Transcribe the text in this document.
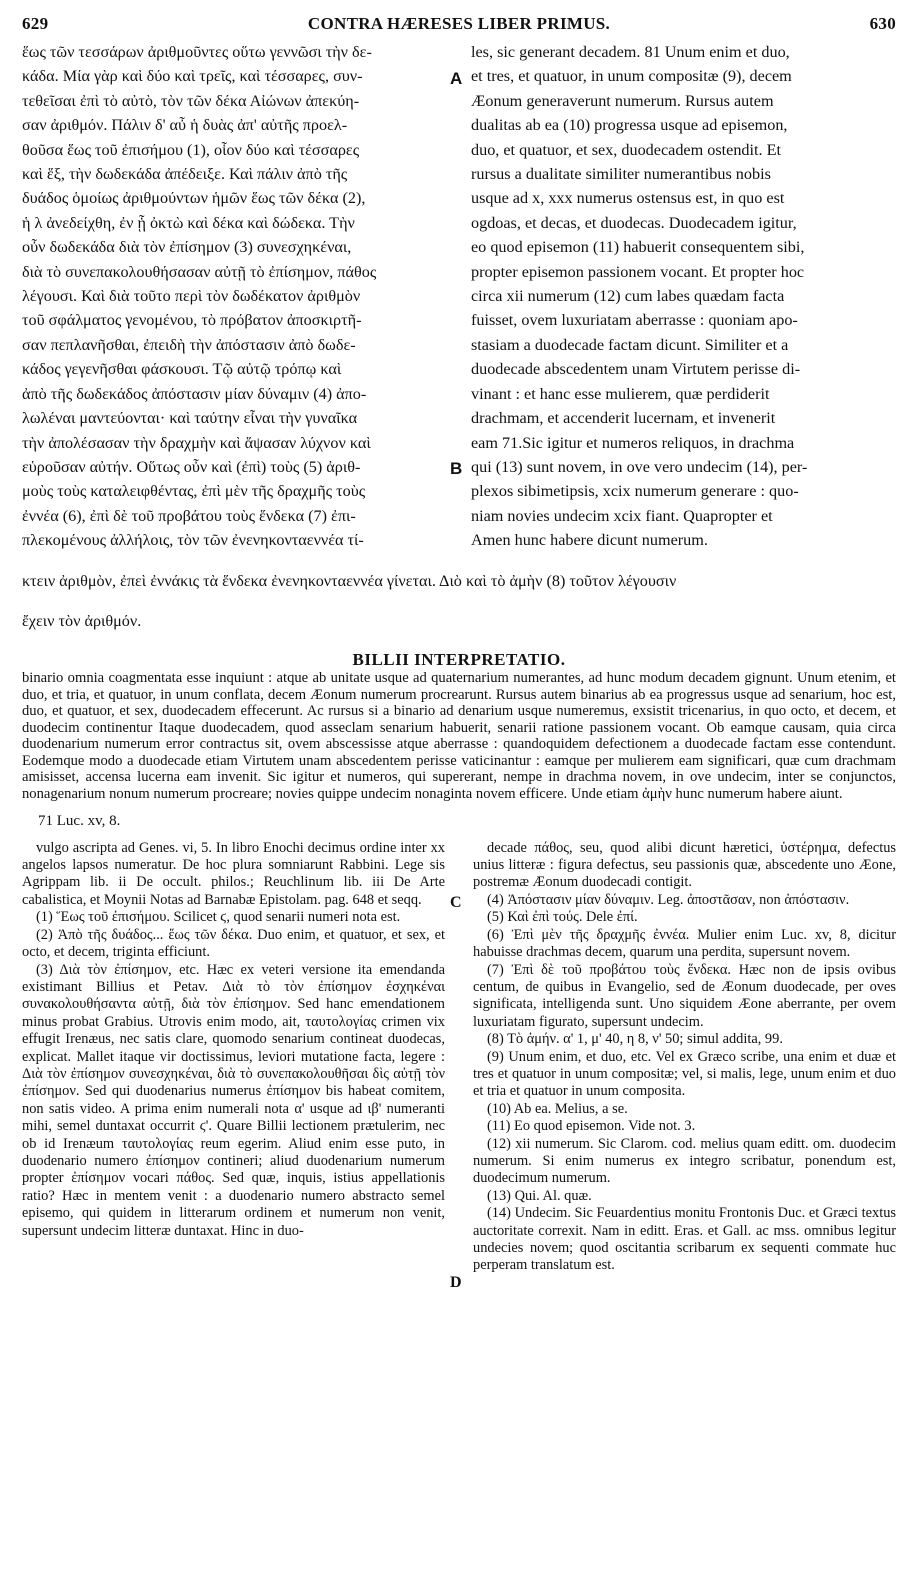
629	CONTRA HÆRESES LIBER PRIMUS.	630

ἕως τῶν τεσσάρων ἀριθμοῦντες οὕτω γεννῶσι τὴν δε-

κάδα. Μία γὰρ καὶ δύο καὶ τρεῖς, καὶ τέσσαρες, συν-

τεθεῖσαι ἐπὶ τὸ αὐτὸ, τὸν τῶν δέκα Αἰώνων ἀπεκύη-

σαν ἀριθμόν. Πάλιν δ' αὖ ἡ δυὰς ἀπ' αὐτῆς προελ-

θοῦσα ἕως τοῦ ἐπισήμου (1), οἷον δύο καὶ τέσσαρες

καὶ ἕξ, τὴν δωδεκάδα ἀπέδειξε. Καὶ πάλιν ἀπὸ τῆς

δυάδος ὁμοίως ἀριθμούντων ἡμῶν ἕως τῶν δέκα (2),

ἡ λ ἀνεδείχθη, ἐν ᾗ ὀκτὼ καὶ δέκα καὶ δώδεκα. Τὴν

οὖν δωδεκάδα διὰ τὸν ἐπίσημον (3) συνεσχηκέναι,

διὰ τὸ συνεπακολουθήσασαν αὐτῇ τὸ ἐπίσημον, πάθος

λέγουσι. Καὶ διὰ τοῦτο περὶ τὸν δωδέκατον ἀριθμὸν

τοῦ σφάλματος γενομένου, τὸ πρόβατον ἀποσκιρτῆ-

σαν πεπλανῆσθαι, ἐπειδὴ τὴν ἀπόστασιν ἀπὸ δωδε-

κάδος γεγενῆσθαι φάσκουσι. Τῷ αὐτῷ τρόπῳ καὶ

ἀπὸ τῆς δωδεκάδος ἀπόστασιν μίαν δύναμιν (4) ἀπο-

λωλέναι μαντεύονται· καὶ ταύτην εἶναι τὴν γυναῖκα

τὴν ἀπολέσασαν τὴν δραχμὴν καὶ ἅψασαν λύχνον καὶ

εὑροῦσαν αὐτήν. Οὕτως οὖν καὶ (ἐπὶ) τοὺς (5) ἀριθ-

μοὺς τοὺς καταλειφθέντας, ἐπὶ μὲν τῆς δραχμῆς τοὺς

ἐννέα (6), ἐπὶ δὲ τοῦ προβάτου τοὺς ἕνδεκα (7) ἐπι-

πλεκομένους ἀλλήλοις, τὸν τῶν ἐνενηκονταεννέα τί-

les, sic generant decadem. 81 Unum enim et duo,

et tres, et quatuor, in unum compositæ (9), decem

Æonum generaverunt numerum. Rursus autem

dualitas ab ea (10) progressa usque ad episemon,

duo, et quatuor, et sex, duodecadem ostendit. Et

rursus a dualitate similiter numerantibus nobis

usque ad x, xxx numerus ostensus est, in quo est

ogdoas, et decas, et duodecas. Duodecadem igitur,

eo quod episemon (11) habuerit consequentem sibi,

propter episemon passionem vocant. Et propter hoc

circa xii numerum (12) cum labes quædam facta

fuisset, ovem luxuriatam aberrasse : quoniam apo-

stasiam a duodecade factam dicunt. Similiter et a

duodecade abscedentem unam Virtutem perisse di-

vinant : et hanc esse mulierem, quæ perdiderit

drachmam, et accenderit lucernam, et invenerit

eam 71.Sic igitur et numeros reliquos, in drachma

qui (13) sunt novem, in ove vero undecim (14), per-

plexos sibimetipsis, xcix numerum generare : quo-

niam novies undecim xcix fiant. Quapropter et

Amen hunc habere dicunt numerum.

A
B

κτειν ἀριθμὸν, ἐπεὶ ἐννάκις τὰ ἕνδεκα ἐνενηκονταεννέα γίνεται. Διὸ καὶ τὸ ἀμὴν (8) τοῦτον λέγουσιν

ἔχειν τὸν ἀριθμόν.

BILLII INTERPRETATIO.
binario omnia coagmentata esse inquiunt : atque ab unitate usque ad quaternarium numerantes, ad hunc modum decadem gignunt. Unum etenim, et duo, et tria, et quatuor, in unum conflata, decem Æonum numerum procrearunt. Rursus autem binarius ab ea progressus usque ad senarium, hoc est, duo, et quatuor, et sex, duodecadem effecerunt. Ac rursus si a binario ad denarium usque numeremus, exsistit tricenarius, in quo octo, et decem, et duodecim continentur Itaque duodecadem, quod asseclam senarium habuerit, senarii ratione passionem vocant. Ob eamque causam, quia circa duodenarium numerum error contractus sit, ovem abscessisse atque aberrasse : quandoquidem defectionem a duodecade factam esse contendunt. Eodemque modo a duodecade etiam Virtutem unam abscedentem perisse vaticinantur : eamque per mulierem eam significari, quæ cum drachmam amisisset, accensa lucerna eam invenit. Sic igitur et numeros, qui supererant, nempe in drachma novem, in ove undecim, inter se conjunctos, nonagenarium nonum numerum procreare; novies quippe undecim nonaginta novem efficere. Unde etiam ἀμὴν hunc numerum habere aiunt.
71 Luc. xv, 8.

vulgo ascripta ad Genes. vi, 5. In libro Enochi decimus ordine inter xx angelos lapsos numeratur. De hoc plura somniarunt Rabbini. Lege sis Agrippam lib. ii De occult. philos.; Reuchlinum lib. iii De Arte cabalistica, et Moynii Notas ad Barnabæ Epistolam. pag. 648 et seqq.

(1) Ἕως τοῦ ἐπισήμου. Scilicet ϛ, quod senarii numeri nota est.

(2) Ἀπὸ τῆς δυάδος... ἕως τῶν δέκα. Duo enim, et quatuor, et sex, et octo, et decem, triginta efficiunt.

(3) Διὰ τὸν ἐπίσημον, etc. Hæc ex veteri versione ita emendanda existimant Billius et Petav. Διὰ τὸ τὸν ἐπίσημον ἐσχηκέναι συνακολουθήσαντα αὐτῇ, διὰ τὸν ἐπίσημον. Sed hanc emendationem minus probat Grabius. Utrovis enim modo, ait, ταυτολογίας crimen vix effugit Irenæus, nec satis clare, quomodo senarium contineat duodecas, explicat. Mallet itaque vir doctissimus, leviori mutatione facta, legere : Διὰ τὸν ἐπίσημον συνεσχηκέναι, διὰ τὸ συνεπακολουθῆσαι δὶς αὐτῇ τὸν ἐπίσημον. Sed qui duodenarius numerus ἐπίσημον bis habeat comitem, non satis video. A prima enim numerali nota α' usque ad ιβ' numeranti mihi, semel duntaxat occurrit ϛ'. Quare Billii lectionem prætulerim, nec ob id Irenæum ταυτολογίας reum egerim. Aliud enim esse puto, in duodenario numero ἐπίσημον contineri; aliud duodenarium numerum propter ἐπίσημον vocari πάθος. Sed quæ, inquis, istius appellationis ratio? Hæc in mentem venit : a duodenario numero abstracto semel episemo, qui quidem in litterarum ordinem et numerum non venit, supersunt undecim litteræ duntaxat. Hinc in duo-

decade πάθος, seu, quod alibi dicunt hæretici, ὑστέρημα, defectus unius litteræ : figura defectus, seu passionis quæ, abscedente uno Æone, postremæ Æonum duodecadi contigit.

(4) Ἀπόστασιν μίαν δύναμιν. Leg. ἀποστᾶσαν, non ἀπόστασιν.

(5) Καὶ ἐπὶ τούς. Dele ἐπί.

(6) Ἐπὶ μὲν τῆς δραχμῆς ἐννέα. Mulier enim Luc. xv, 8, dicitur habuisse drachmas decem, quarum una perdita, supersunt novem.

(7) Ἐπὶ δὲ τοῦ προβάτου τοὺς ἕνδεκα. Hæc non de ipsis ovibus centum, de quibus in Evangelio, sed de Æonum duodecade, per oves significata, intelligenda sunt. Uno siquidem Æone aberrante, per ovem luxuriatam figurato, supersunt undecim.

(8) Τὸ ἀμήν. α' 1, μ' 40, η 8, ν' 50; simul addita, 99.

(9) Unum enim, et duo, etc. Vel ex Græco scribe, una enim et duæ et tres et quatuor in unum compositæ; vel, si malis, lege, unum enim et duo et tria et quatuor in unum composita.

(10) Ab ea. Melius, a se.

(11) Eo quod episemon. Vide not. 3.

(12) xii numerum. Sic Clarom. cod. melius quam editt. om. duodecim numerum. Si enim numerus ex integro scribatur, ponendum est, duodecimum numerum.

(13) Qui. Al. quæ.

(14) Undecim. Sic Feuardentius monitu Frontonis Duc. et Græci textus auctoritate correxit. Nam in editt. Eras. et Gall. ac mss. omnibus legitur undecies novem; quod oscitantia scribarum ex sequenti commate huc perperam translatum est.

C
D
